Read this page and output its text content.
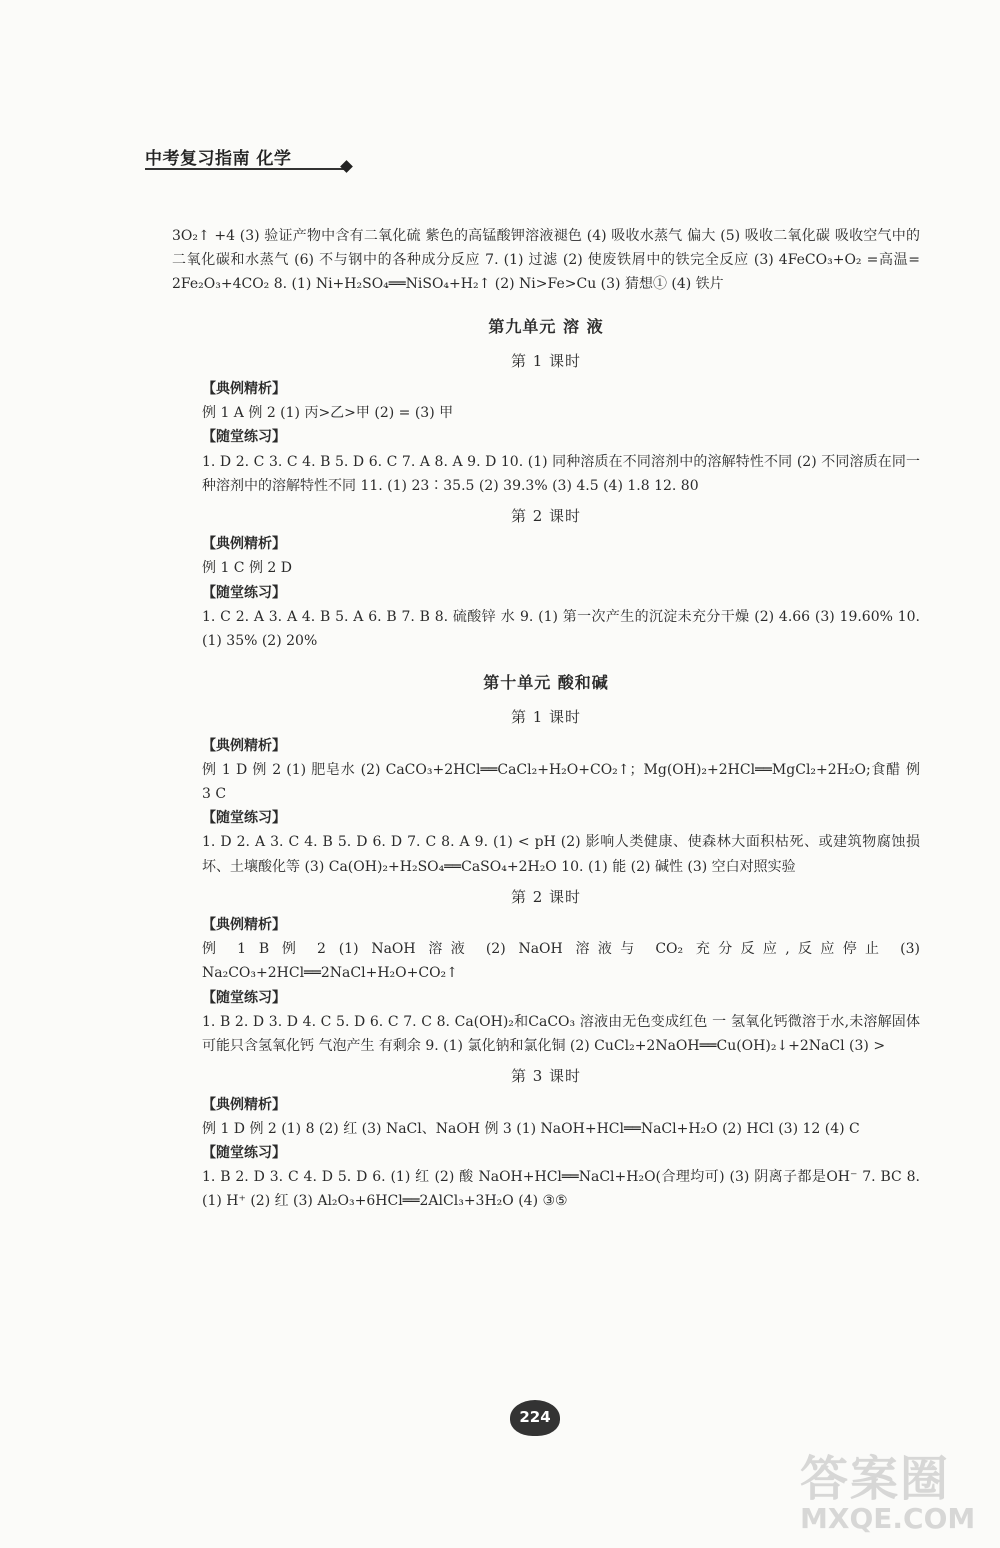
中考复习指南 化学

3O₂↑ +4 (3) 验证产物中含有二氧化硫 紫色的高锰酸钾溶液褪色 (4) 吸收水蒸气 偏大 (5) 吸收二氧化碳 吸收空气中的二氧化碳和水蒸气 (6) 不与钢中的各种成分反应 7. (1) 过滤 (2) 使废铁屑中的铁完全反应 (3) 4FeCO₃+O₂ =高温= 2Fe₂O₃+4CO₂ 8. (1) Ni+H₂SO₄══NiSO₄+H₂↑ (2) Ni>Fe>Cu (3) 猜想① (4) 铁片

第九单元 溶 液
第 1 课时

【典例精析】

例 1 A 例 2 (1) 丙>乙>甲 (2) = (3) 甲

【随堂练习】

1. D 2. C 3. C 4. B 5. D 6. C 7. A 8. A 9. D 10. (1) 同种溶质在不同溶剂中的溶解特性不同 (2) 不同溶质在同一种溶剂中的溶解特性不同 11. (1) 23∶35.5 (2) 39.3% (3) 4.5 (4) 1.8 12. 80

第 2 课时

【典例精析】

例 1 C 例 2 D

【随堂练习】

1. C 2. A 3. A 4. B 5. A 6. B 7. B 8. 硫酸锌 水 9. (1) 第一次产生的沉淀未充分干燥 (2) 4.66 (3) 19.60% 10. (1) 35% (2) 20%

第十单元 酸和碱
第 1 课时

【典例精析】

例 1 D 例 2 (1) 肥皂水 (2) CaCO₃+2HCl══CaCl₂+H₂O+CO₂↑；Mg(OH)₂+2HCl══MgCl₂+2H₂O;食醋 例 3 C

【随堂练习】

1. D 2. A 3. C 4. B 5. D 6. D 7. C 8. A 9. (1) < pH (2) 影响人类健康、使森林大面积枯死、或建筑物腐蚀损坏、土壤酸化等 (3) Ca(OH)₂+H₂SO₄══CaSO₄+2H₂O 10. (1) 能 (2) 碱性 (3) 空白对照实验

第 2 课时

【典例精析】

例 1 B 例 2 (1) NaOH 溶液 (2) NaOH 溶液与 CO₂ 充分反应,反应停止 (3) Na₂CO₃+2HCl══2NaCl+H₂O+CO₂↑

【随堂练习】

1. B 2. D 3. D 4. C 5. D 6. C 7. C 8. Ca(OH)₂和CaCO₃ 溶液由无色变成红色 一 氢氧化钙微溶于水,未溶解固体可能只含氢氧化钙 气泡产生 有剩余 9. (1) 氯化钠和氯化铜 (2) CuCl₂+2NaOH══Cu(OH)₂↓+2NaCl (3) >

第 3 课时

【典例精析】

例 1 D 例 2 (1) 8 (2) 红 (3) NaCl、NaOH 例 3 (1) NaOH+HCl══NaCl+H₂O (2) HCl (3) 12 (4) C

【随堂练习】

1. B 2. D 3. C 4. D 5. D 6. (1) 红 (2) 酸 NaOH+HCl══NaCl+H₂O(合理均可) (3) 阴离子都是OH⁻ 7. BC 8. (1) H⁺ (2) 红 (3) Al₂O₃+6HCl══2AlCl₃+3H₂O (4) ③⑤

224
答案圈
MXQE.COM
